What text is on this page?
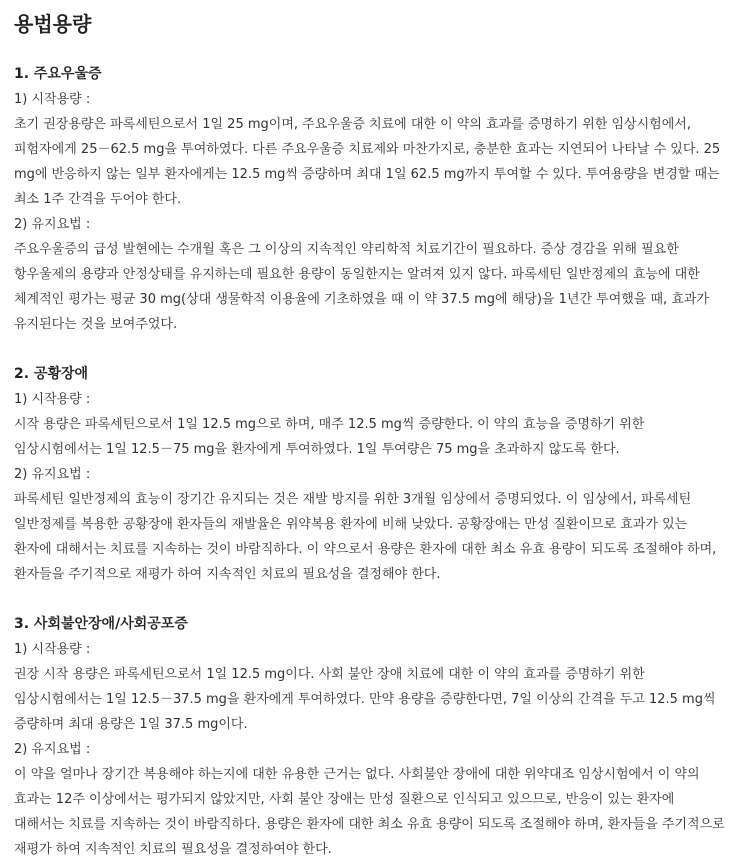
용법용량
1. 주요우울증
1) 시작용량 :
초기 권장용량은 파록세틴으로서 1일 25 mg이며, 주요우울증 치료에 대한 이 약의 효과를 증명하기 위한 임상시험에서, 피험자에게 25－62.5 mg을 투여하였다. 다른 주요우울증 치료제와 마찬가지로, 충분한 효과는 지연되어 나타날 수 있다. 25 mg에 반응하지 않는 일부 환자에게는 12.5 mg씩 증량하며 최대 1일 62.5 mg까지 투여할 수 있다. 투여용량을 변경할 때는 최소 1주 간격을 두어야 한다.
2) 유지요법 :
주요우울증의 급성 발현에는 수개월 혹은 그 이상의 지속적인 약리학적 치료기간이 필요하다. 증상 경감을 위해 필요한 항우울제의 용량과 안정상태를 유지하는데 필요한 용량이 동일한지는 알려져 있지 않다. 파록세틴 일반정제의 효능에 대한 체계적인 평가는 평균 30 mg(상대 생물학적 이용율에 기초하였을 때 이 약 37.5 mg에 해당)을 1년간 투여했을 때, 효과가 유지된다는 것을 보여주었다.
2. 공황장애
1) 시작용량 :
시작 용량은 파록세틴으로서 1일 12.5 mg으로 하며, 매주 12.5 mg씩 증량한다. 이 약의 효능을 증명하기 위한 임상시험에서는 1일 12.5－75 mg을 환자에게 투여하였다. 1일 투여량은 75 mg을 초과하지 않도록 한다.
2) 유지요법 :
파록세틴 일반정제의 효능이 장기간 유지되는 것은 재발 방지를 위한 3개월 임상에서 증명되었다. 이 임상에서, 파록세틴 일반정제를 복용한 공황장애 환자들의 재발율은 위약복용 환자에 비해 낮았다. 공황장애는 만성 질환이므로 효과가 있는 환자에 대해서는 치료를 지속하는 것이 바람직하다. 이 약으로서 용량은 환자에 대한 최소 유효 용량이 되도록 조절해야 하며, 환자들을 주기적으로 재평가 하여 지속적인 치료의 필요성을 결정해야 한다.
3. 사회불안장애/사회공포증
1) 시작용량 :
권장 시작 용량은 파록세틴으로서 1일 12.5 mg이다. 사회 불안 장애 치료에 대한 이 약의 효과를 증명하기 위한 임상시험에서는 1일 12.5－37.5 mg을 환자에게 투여하였다. 만약 용량을 증량한다면, 7일 이상의 간격을 두고 12.5 mg씩 증량하며 최대 용량은 1일 37.5 mg이다.
2) 유지요법 :
이 약을 얼마나 장기간 복용해야 하는지에 대한 유용한 근거는 없다. 사회불안 장애에 대한 위약대조 임상시험에서 이 약의 효과는 12주 이상에서는 평가되지 않았지만, 사회 불안 장애는 만성 질환으로 인식되고 있으므로, 반응이 있는 환자에 대해서는 치료를 지속하는 것이 바람직하다. 용량은 환자에 대한 최소 유효 용량이 되도록 조절해야 하며, 환자들을 주기적으로 재평가 하여 지속적인 치료의 필요성을 결정하여야 한다.
